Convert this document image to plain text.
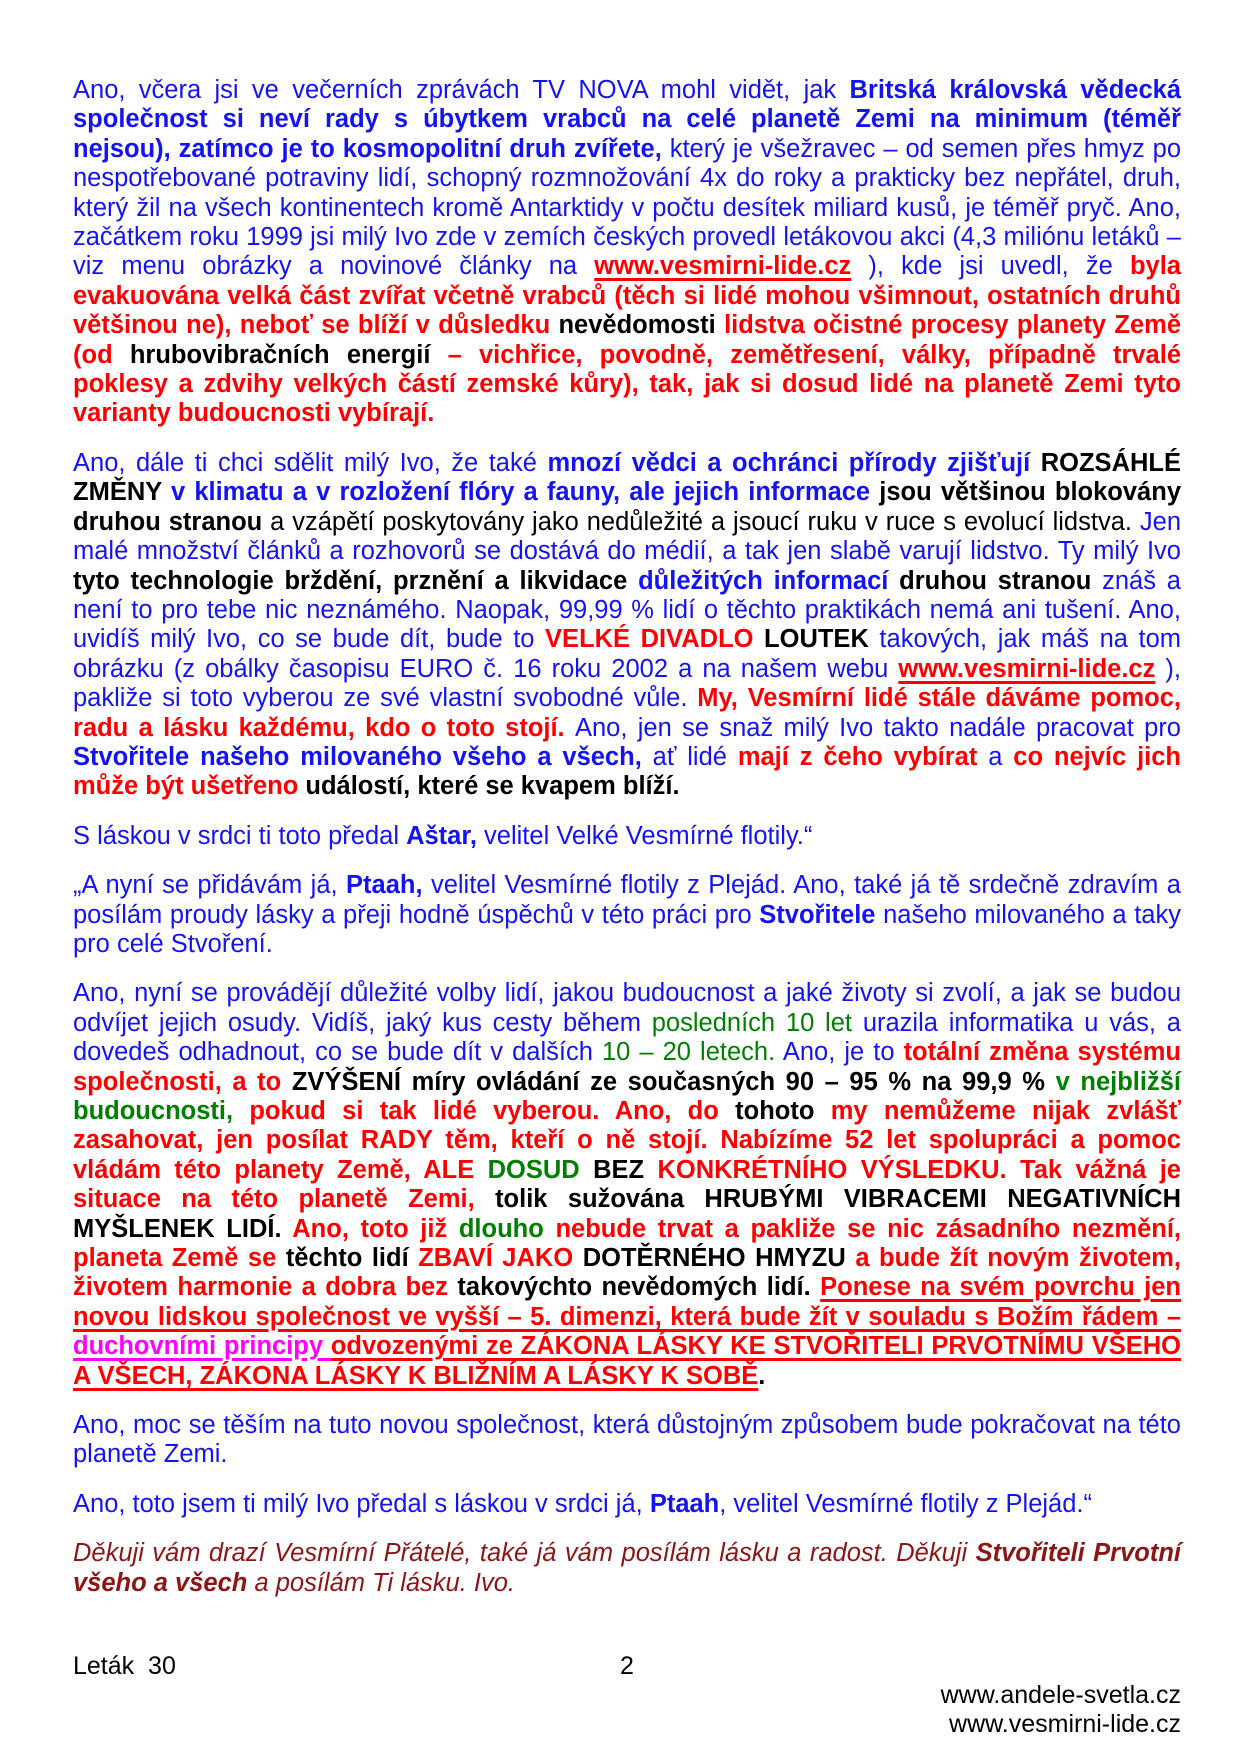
Ano, včera jsi ve večerních zprávách TV NOVA mohl vidět, jak Britská královská vědecká společnost si neví rady s úbytkem vrabců na celé planetě Zemi na minimum (téměř nejsou), zatímco je to kosmopolitní druh zvířete, který je všežravec – od semen přes hmyz po nespotřebované potraviny lidí, schopný rozmnožování 4x do roky a prakticky bez nepřátel, druh, který žil na všech kontinentech kromě Antarktidy v počtu desítek miliard kusů, je téměř pryč. Ano, začátkem roku 1999 jsi milý Ivo zde v zemích českých provedl letákovou akci (4,3 miliónu letáků – viz menu obrázky a novinové články na www.vesmirni-lide.cz ), kde jsi uvedl, že byla evakuována velká část zvířat včetně vrabců (těch si lidé mohou všimnout, ostatních druhů většinou ne), neboť se blíží v důsledku nevědomosti lidstva očistné procesy planety Země (od hrubovibračních energií – vichřice, povodně, zemětřesení, války, případně trvalé poklesy a zdvihy velkých částí zemské kůry), tak, jak si dosud lidé na planetě Zemi tyto varianty budoucnosti vybírají.

Ano, dále ti chci sdělit milý Ivo, že také mnozí vědci a ochránci přírody zjišťují ROZSÁHLÉ ZMĚNY v klimatu a v rozložení flóry a fauny, ale jejich informace jsou většinou blokovány druhou stranou a vzápětí poskytovány jako nedůležité a jsoucí ruku v ruce s evolucí lidstva. Jen malé množství článků a rozhovorů se dostává do médií, a tak jen slabě varují lidstvo. Ty milý Ivo tyto technologie brždění, prznění a likvidace důležitých informací druhou stranou znáš a není to pro tebe nic neznámého. Naopak, 99,99 % lidí o těchto praktikách nemá ani tušení. Ano, uvidíš milý Ivo, co se bude dít, bude to VELKÉ DIVADLO LOUTEK takových, jak máš na tom obrázku (z obálky časopisu EURO č. 16 roku 2002 a na našem webu www.vesmirni-lide.cz ), pakliže si toto vyberou ze své vlastní svobodné vůle. My, Vesmírní lidé stále dáváme pomoc, radu a lásku každému, kdo o toto stojí. Ano, jen se snaž milý Ivo takto nadále pracovat pro Stvořitele našeho milovaného všeho a všech, ať lidé mají z čeho vybírat a co nejvíc jich může být ušetřeno událostí, které se kvapem blíží.

S láskou v srdci ti toto předal Aštar, velitel Velké Vesmírné flotily.“

„A nyní se přidávám já, Ptaah, velitel Vesmírné flotily z Plejád. Ano, také já tě srdečně zdravím a posílám proudy lásky a přeji hodně úspěchů v této práci pro Stvořitele našeho milovaného a taky pro celé Stvoření.

Ano, nyní se provádějí důležité volby lidí, jakou budoucnost a jaké životy si zvolí, a jak se budou odvíjet jejich osudy. Vidíš, jaký kus cesty během posledních 10 let urazila informatika u vás, a dovedeš odhadnout, co se bude dít v dalších 10 – 20 letech. Ano, je to totální změna systému společnosti, a to ZVÝŠENÍ míry ovládání ze současných 90 – 95 % na 99,9 % v nejbližší budoucnosti, pokud si tak lidé vyberou. Ano, do tohoto my nemůžeme nijak zvlášť zasahovat, jen posílat RADY těm, kteří o ně stojí. Nabízíme 52 let spolupráci a pomoc vládám této planety Země, ALE DOSUD BEZ KONKRÉTNÍHO VÝSLEDKU. Tak vážná je situace na této planetě Zemi, tolik sužována HRUBÝMI VIBRACEMI NEGATIVNÍCH MYŠLENEK LIDÍ. Ano, toto již dlouho nebude trvat a pakliže se nic zásadního nezmění, planeta Země se těchto lidí ZBAVÍ JAKO DOTĚRNÉHO HMYZU a bude žít novým životem, životem harmonie a dobra bez takovýchto nevědomých lidí. Ponese na svém povrchu jen novou lidskou společnost ve vyšší – 5. dimenzi, která bude žít v souladu s Božím řádem – duchovními principy odvozenými ze ZÁKONA LÁSKY KE STVOŘITELI PRVOTNÍMU VŠEHO A VŠECH, ZÁKONA LÁSKY K BLIŽNÍM A LÁSKY K SOBĚ.

Ano, moc se těším na tuto novou společnost, která důstojným způsobem bude pokračovat na této planetě Zemi.

Ano, toto jsem ti milý Ivo předal s láskou v srdci já, Ptaah, velitel Vesmírné flotily z Plejád.“

Děkuji vám drazí Vesmírní Přátelé, také já vám posílám lásku a radost. Děkuji Stvořiteli Prvotní všeho a všech a posílám Ti lásku. Ivo.

Leták  30	2

www.andele-svetla.cz
www.vesmirni-lide.cz
